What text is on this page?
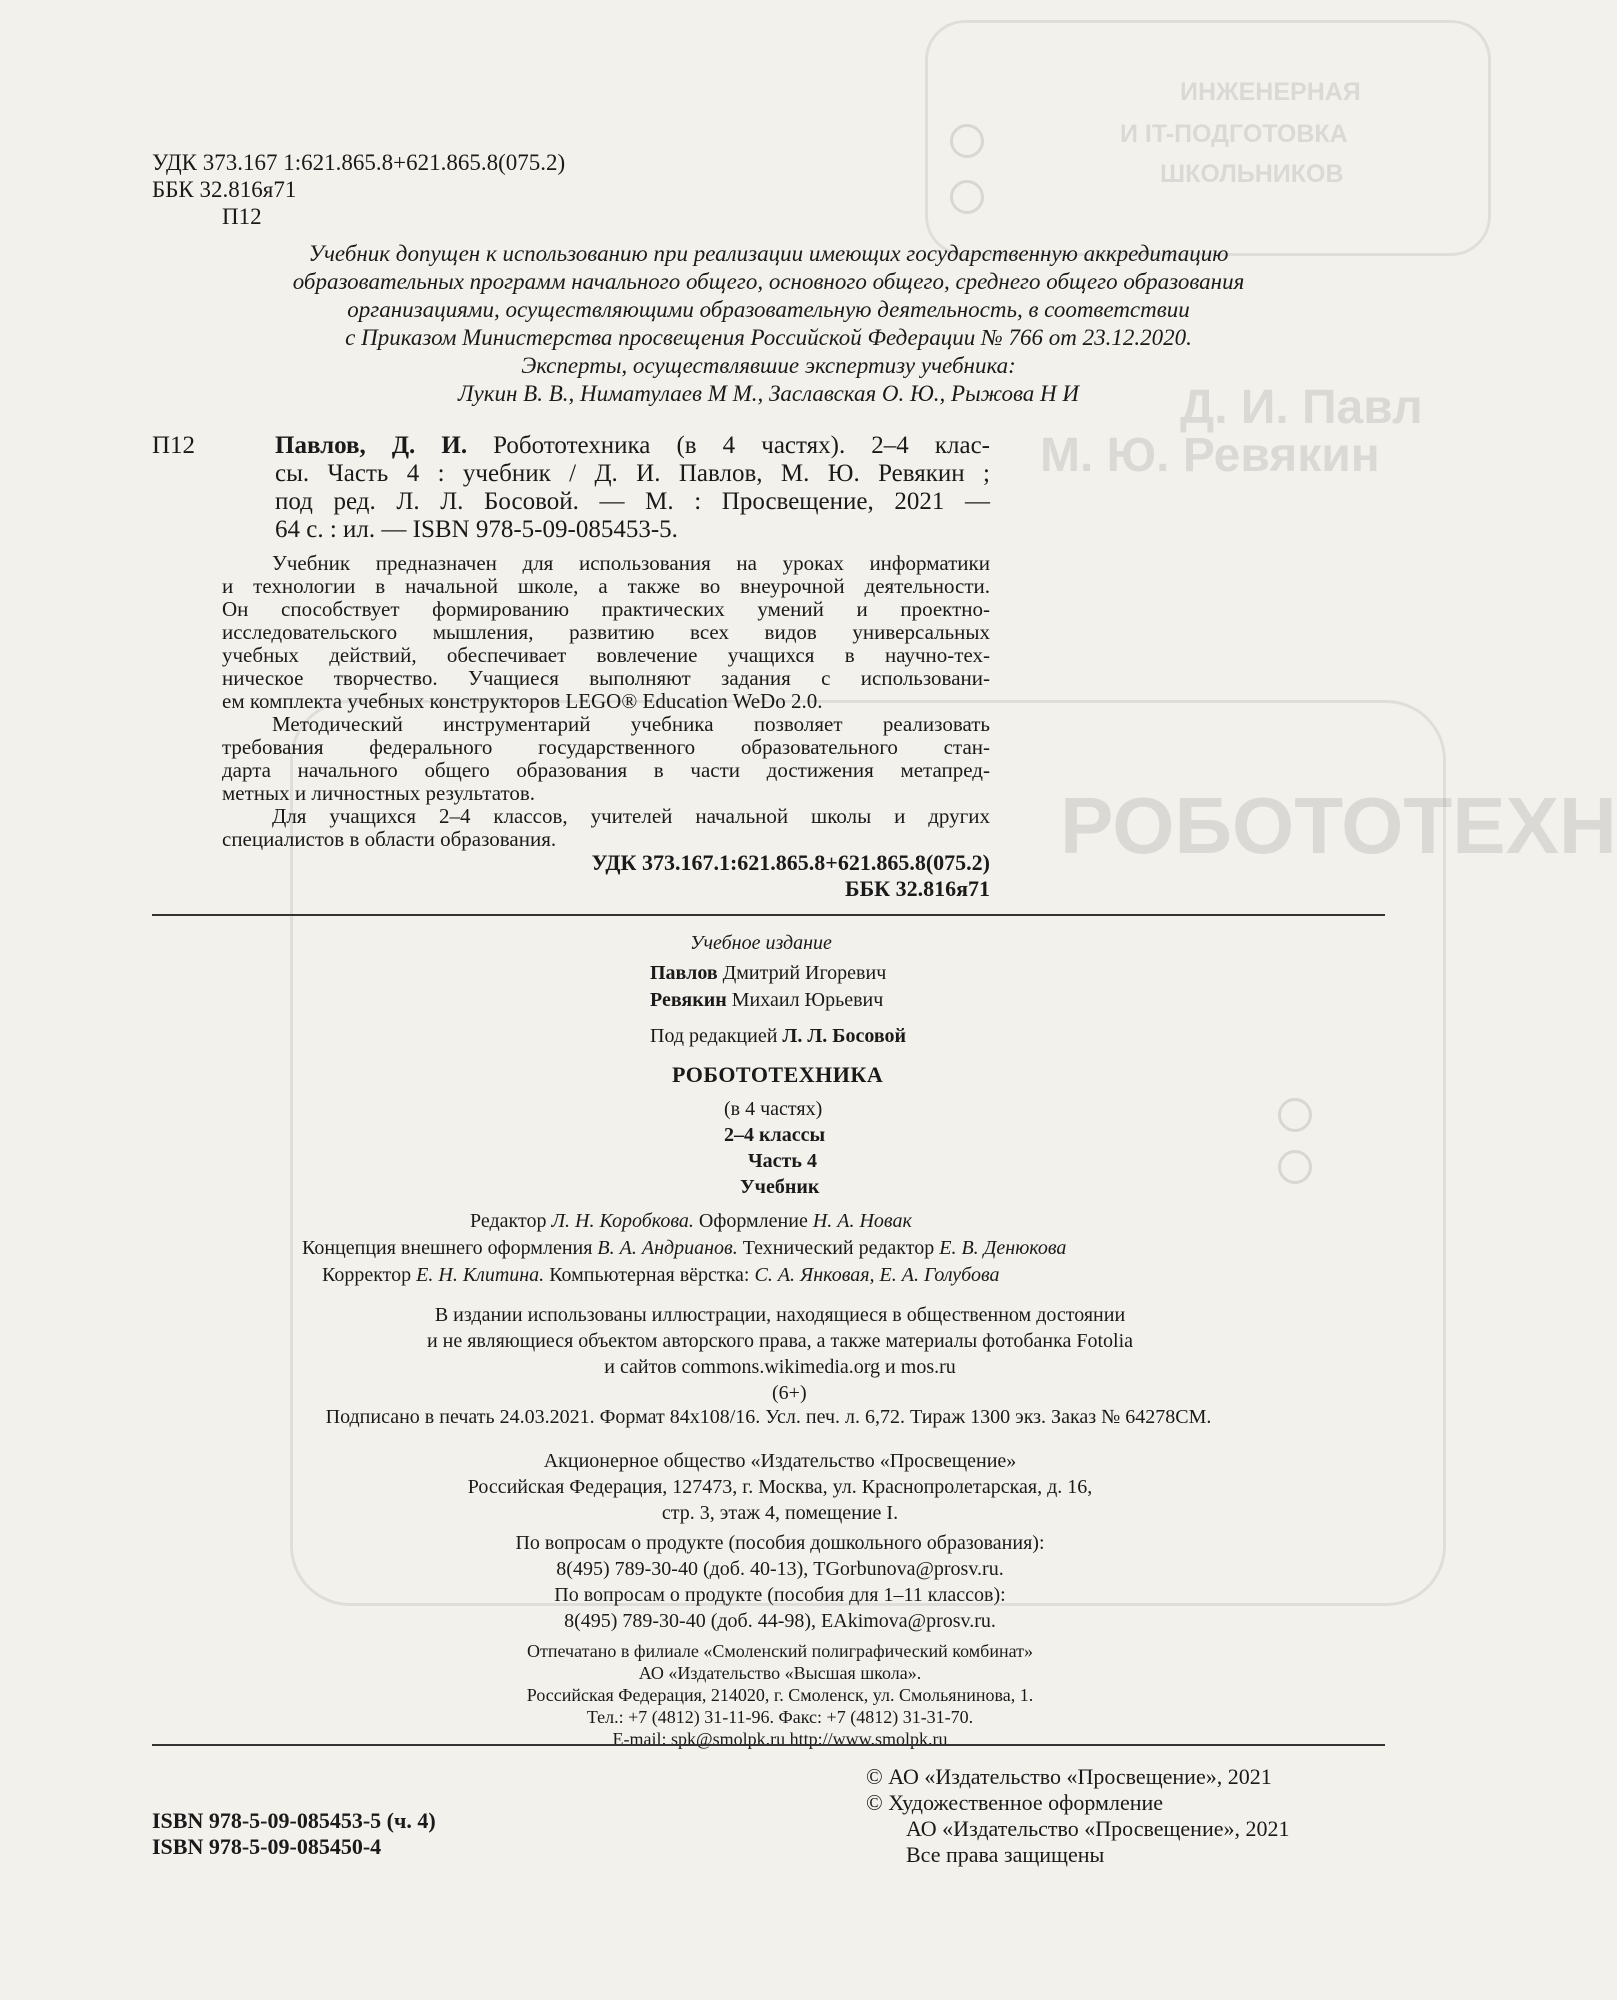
ИНЖЕНЕРНАЯ
И IT-ПОДГОТОВКА
ШКОЛЬНИКОВ
Д. И. Павл
М. Ю. Ревякин
РОБОТОТЕХН
УДК 373.167 1:621.865.8+621.865.8(075.2)
ББК 32.816я71
П12
Учебник допущен к использованию при реализации имеющих государственную аккредитацию
образовательных программ начального общего, основного общего, среднего общего образования
организациями, осуществляющими образовательную деятельность, в соответствии
с Приказом Министерства просвещения Российской Федерации № 766 от 23.12.2020.
Эксперты, осуществлявшие экспертизу учебника:
Лукин В. В., Ниматулаев М М., Заславская О. Ю., Рыжова Н И
П12	Павлов, Д. И. Робототехника (в 4 частях). 2–4 клас-
сы. Часть 4 : учебник / Д. И. Павлов, М. Ю. Ревякин ;
под ред. Л. Л. Босовой. — М. : Просвещение, 2021 —
64 с. : ил. — ISBN 978-5-09-085453-5.
Учебник предназначен для использования на уроках информатики
и технологии в начальной школе, а также во внеурочной деятельности.
Он способствует формированию практических умений и проектно-
исследовательского мышления, развитию всех видов универсальных
учебных действий, обеспечивает вовлечение учащихся в научно-тех-
ническое творчество. Учащиеся выполняют задания с использовани-
ем комплекта учебных конструкторов LEGO® Education WeDo 2.0.
Методический инструментарий учебника позволяет реализовать
требования федерального государственного образовательного стан-
дарта начального общего образования в части достижения метапред-
метных и личностных результатов.
Для учащихся 2–4 классов, учителей начальной школы и других
специалистов в области образования.
УДК 373.167.1:621.865.8+621.865.8(075.2)
ББК 32.816я71
Учебное издание
Павлов Дмитрий Игоревич
Ревякин Михаил Юрьевич
Под редакцией Л. Л. Босовой
РОБОТОТЕХНИКА
(в 4 частях)
2–4 классы
Часть 4
Учебник
Редактор Л. Н. Коробкова. Оформление Н. А. Новак
Концепция внешнего оформления В. А. Андрианов. Технический редактор Е. В. Денюкова
Корректор Е. Н. Клитина. Компьютерная вёрстка: С. А. Янковая, Е. А. Голубова
В издании использованы иллюстрации, находящиеся в общественном достоянии
и не являющиеся объектом авторского права, а также материалы фотобанка Fotolia
и сайтов commons.wikimedia.org и mos.ru
(6+)
Подписано в печать 24.03.2021. Формат 84х108/16. Усл. печ. л. 6,72. Тираж 1300 экз. Заказ № 64278СМ.
Акционерное общество «Издательство «Просвещение»
Российская Федерация, 127473, г. Москва, ул. Краснопролетарская, д. 16,
стр. 3, этаж 4, помещение I.
По вопросам о продукте (пособия дошкольного образования):
8(495) 789-30-40 (доб. 40-13), TGorbunova@prosv.ru.
По вопросам о продукте (пособия для 1–11 классов):
8(495) 789-30-40 (доб. 44-98), EAkimova@prosv.ru.
Отпечатано в филиале «Смоленский полиграфический комбинат»
АО «Издательство «Высшая школа».
Российская Федерация, 214020, г. Смоленск, ул. Смольянинова, 1.
Тел.: +7 (4812) 31-11-96. Факс: +7 (4812) 31-31-70.
E-mail: spk@smolpk.ru http://www.smolpk.ru
ISBN 978-5-09-085453-5 (ч. 4)
ISBN 978-5-09-085450-4
© АО «Издательство «Просвещение», 2021
© Художественное оформление
АО «Издательство «Просвещение», 2021
Все права защищены
